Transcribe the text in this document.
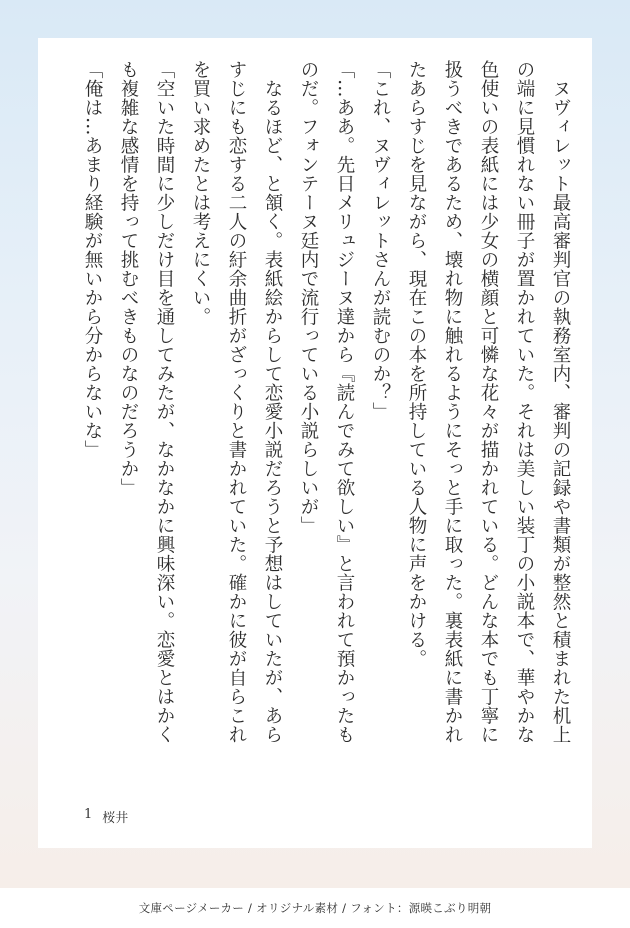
　ヌヴィレット最高審判官の執務室内、審判の記録や書類が整然と積まれた机上

の端に見慣れない冊子が置かれていた。それは美しい装丁の小説本で、華やかな

色使いの表紙には少女の横顔と可憐な花々が描かれている。どんな本でも丁寧に

扱うべきであるため、壊れ物に触れるようにそっと手に取った。裏表紙に書かれ

たあらすじを見ながら、現在この本を所持している人物に声をかける。

「これ、ヌヴィレットさんが読むのか？」

「…ああ。先日メリュジーヌ達から『読んでみて欲しい』と言われて預かったも

のだ。フォンテーヌ廷内で流行っている小説らしいが」

　なるほど、と頷く。表紙絵からして恋愛小説だろうと予想はしていたが、あら

すじにも恋する二人の紆余曲折がざっくりと書かれていた。確かに彼が自らこれ

を買い求めたとは考えにくい。

「空いた時間に少しだけ目を通してみたが、なかなかに興味深い。恋愛とはかく

も複雑な感情を持って挑むべきものなのだろうか」

「俺は…あまり経験が無いから分からないな」

1 桜井
文庫ページメーカー / オリジナル素材 / フォント：源暎こぶり明朝
